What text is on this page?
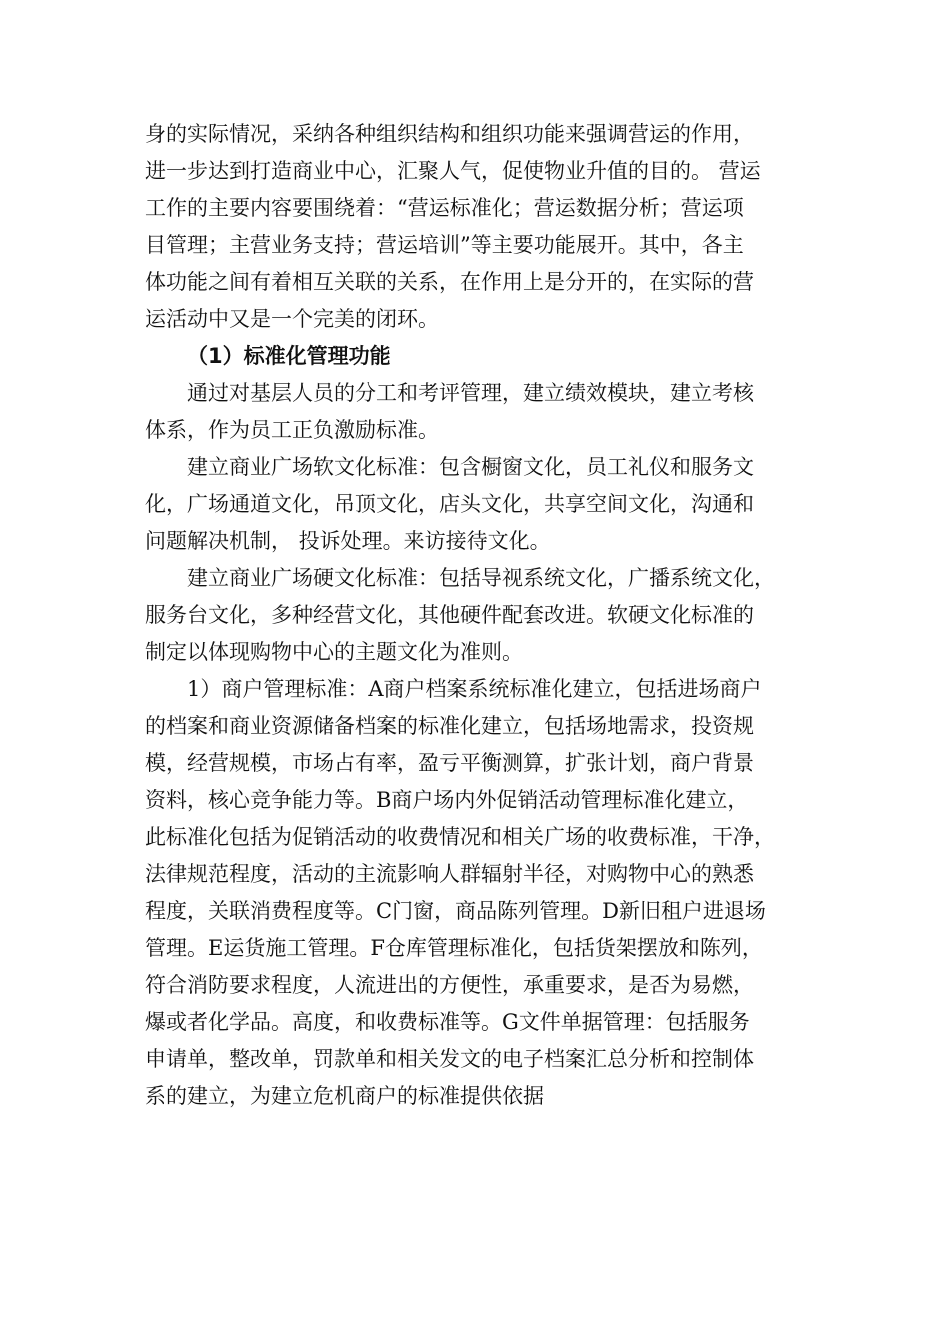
身的实际情况，采纳各种组织结构和组织功能来强调营运的作用，
进一步达到打造商业中心，汇聚人气，促使物业升值的目的。 营运
工作的主要内容要围绕着：“营运标准化；营运数据分析；营运项
目管理；主营业务支持；营运培训”等主要功能展开。其中，各主
体功能之间有着相互关联的关系，在作用上是分开的，在实际的营
运活动中又是一个完美的闭环。
（1）标准化管理功能
通过对基层人员的分工和考评管理，建立绩效模块，建立考核
体系，作为员工正负激励标准。
建立商业广场软文化标准：包含橱窗文化，员工礼仪和服务文
化，广场通道文化，吊顶文化，店头文化，共享空间文化，沟通和
问题解决机制， 投诉处理。来访接待文化。
建立商业广场硬文化标准：包括导视系统文化，广播系统文化，
服务台文化，多种经营文化，其他硬件配套改进。软硬文化标准的
制定以体现购物中心的主题文化为准则。
1）商户管理标准：A商户档案系统标准化建立，包括进场商户
的档案和商业资源储备档案的标准化建立，包括场地需求，投资规
模，经营规模，市场占有率，盈亏平衡测算，扩张计划，商户背景
资料，核心竞争能力等。B商户场内外促销活动管理标准化建立，
此标准化包括为促销活动的收费情况和相关广场的收费标准，干净，
法律规范程度，活动的主流影响人群辐射半径，对购物中心的熟悉
程度，关联消费程度等。C门窗，商品陈列管理。D新旧租户进退场
管理。E运货施工管理。F仓库管理标准化，包括货架摆放和陈列，
符合消防要求程度，人流进出的方便性，承重要求，是否为易燃，
爆或者化学品。高度，和收费标准等。G文件单据管理：包括服务
申请单，整改单，罚款单和相关发文的电子档案汇总分析和控制体
系的建立，为建立危机商户的标准提供依据
